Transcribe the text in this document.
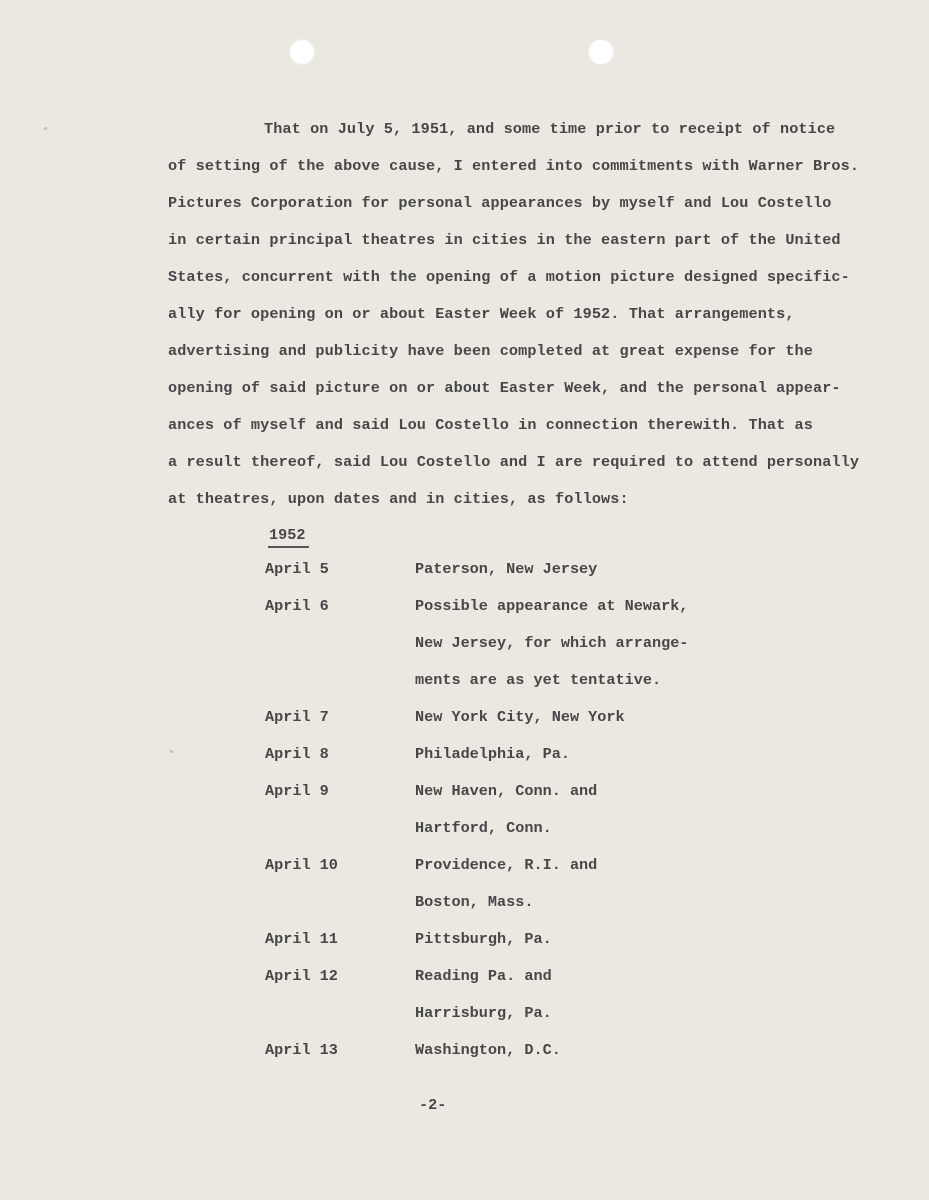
That on July 5, 1951, and some time prior to receipt of notice
of setting of the above cause, I entered into commitments with Warner Bros.
Pictures Corporation for personal appearances by myself and Lou Costello
in certain principal theatres in cities in the eastern part of the United
States, concurrent with the opening of a motion picture designed specific-
ally for opening on or about Easter Week of 1952. That arrangements,
advertising and publicity have been completed at great expense for the
opening of said picture on or about Easter Week, and the personal appear-
ances of myself and said Lou Costello in connection therewith. That as
a result thereof, said Lou Costello and I are required to attend personally
at theatres, upon dates and in cities, as follows:
1952
April 5	Paterson, New Jersey
April 6	Possible appearance at Newark,
New Jersey, for which arrange-
ments are as yet tentative.
April 7	New York City, New York
April 8	Philadelphia, Pa.
April 9	New Haven, Conn. and
Hartford, Conn.
April 10	Providence, R.I. and
Boston, Mass.
April 11	Pittsburgh, Pa.
April 12	Reading Pa. and
Harrisburg, Pa.
April 13	Washington, D.C.
-2-
